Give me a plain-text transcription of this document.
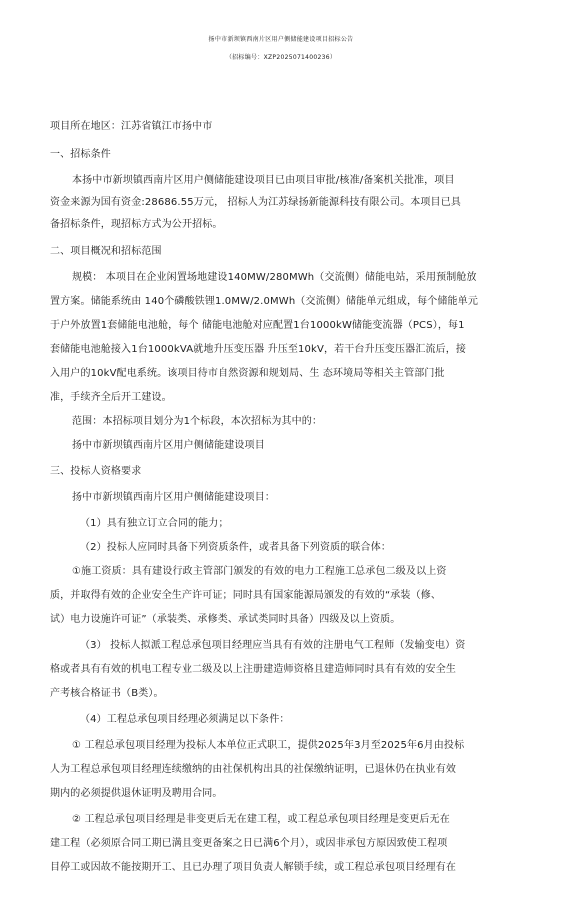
扬中市新坝镇西南片区用户侧储能建设项目招标公告
（招标编号：XZP2025071400236）
项目所在地区：江苏省镇江市扬中市
一、招标条件
本扬中市新坝镇西南片区用户侧储能建设项目已由项目审批/核准/备案机关批准，项目
资金来源为国有资金:28686.55万元， 招标人为江苏绿扬新能源科技有限公司。本项目已具
备招标条件，现招标方式为公开招标。
二、项目概况和招标范围
规模： 本项目在企业闲置场地建设140MW/280MWh（交流侧）储能电站，采用预制舱放
置方案。储能系统由 140个磷酸铁锂1.0MW/2.0MWh（交流侧）储能单元组成，每个储能单元
于户外放置1套储能电池舱，每个 储能电池舱对应配置1台1000kW储能变流器（PCS），每1
套储能电池舱接入1台1000kVA就地升压变压器 升压至10kV，若干台升压变压器汇流后，接
入用户的10kV配电系统。该项目待市自然资源和规划局、生 态环境局等相关主管部门批
准，手续齐全后开工建设。
范围：本招标项目划分为1个标段，本次招标为其中的：
扬中市新坝镇西南片区用户侧储能建设项目
三、投标人资格要求
扬中市新坝镇西南片区用户侧储能建设项目：
（1）具有独立订立合同的能力；
（2）投标人应同时具备下列资质条件，或者具备下列资质的联合体：
①施工资质：具有建设行政主管部门颁发的有效的电力工程施工总承包二级及以上资
质，并取得有效的企业安全生产许可证；同时具有国家能源局颁发的有效的“承装（修、
试）电力设施许可证”（承装类、承修类、承试类同时具备）四级及以上资质。
（3） 投标人拟派工程总承包项目经理应当具有有效的注册电气工程师（发输变电）资
格或者具有有效的机电工程专业二级及以上注册建造师资格且建造师同时具有有效的安全生
产考核合格证书（B类）。
（4）工程总承包项目经理必须满足以下条件：
① 工程总承包项目经理为投标人本单位正式职工，提供2025年3月至2025年6月由投标
人为工程总承包项目经理连续缴纳的由社保机构出具的社保缴纳证明，已退休仍在执业有效
期内的必须提供退休证明及聘用合同。
② 工程总承包项目经理是非变更后无在建工程，或工程总承包项目经理是变更后无在
建工程（必须原合同工期已满且变更备案之日已满6个月），或因非承包方原因致使工程项
目停工或因故不能按期开工、且已办理了项目负责人解锁手续，或工程总承包项目经理有在
